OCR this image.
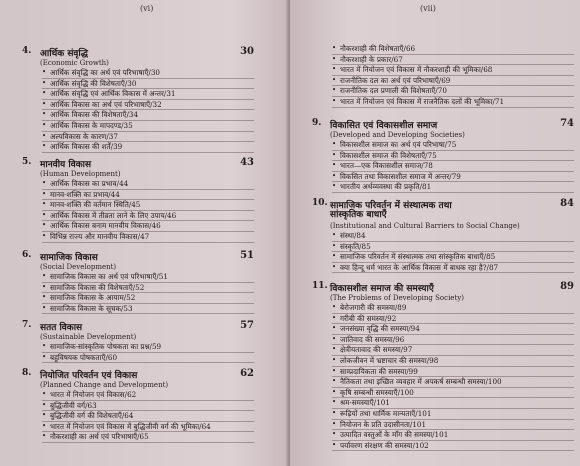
(vi)
4. आर्थिक संवृद्धि	30
(Economic Growth)
• आर्थिक संवृद्धि का अर्थ एवं परिभाषाएँ/30
• आर्थिक संवृद्धि की विशेषताएँ/30
• आर्थिक संवृद्धि एवं आर्थिक विकास में अन्तर/31
• आर्थिक विकास का अर्थ एवं परिभाषाएँ/32
• आर्थिक विकास की विशेषताएँ/34
• आर्थिक विकास के मापदण्ड/35
• अल्पविकास के कारण/37
• आर्थिक विकास की शर्तें/39
5. मानवीय विकास	43
(Human Development)
• आर्थिक विकास का प्रभाव/44
• मानव-शक्ति का प्रभाव/44
• मानव-शक्ति की वर्तमान स्थिति/45
• आर्थिक विकास में तीव्रता लाने के लिए उपाय/46
• आर्थिक विकास बनाम मानवीय विकास/46
• विभिन्न राज्य और मानवीय विकास/47
6. सामाजिक विकास	51
(Social Development)
• सामाजिक विकास का अर्थ एवं परिभाषाएँ/51
• सामाजिक विकास की विशेषताएँ/52
• सामाजिक विकास के आयाम/52
• सामाजिक विकास के सूचक/53
7. सतत विकास	57
(Sustainable Development)
• सामाजिक-सांस्कृतिक पोषकता का प्रश्न/59
• बहुविषयक पोषकताएँ/60
8. नियोजित परिवर्तन एवं विकास	62
(Planned Change and Development)
• भारत में नियोजन एवं विकास/62
• बुद्धिजीवी वर्ग/63
• बुद्धिजीवी वर्ग की विशेषताएँ/64
• भारत में नियोजन एवं विकास में बुद्धिजीवी वर्ग की भूमिका/64
• नौकरशाही का अर्थ एवं परिभाषाएँ/65
(vii)
• नौकरशाही की विशेषताएँ/66
• नौकरशाही के प्रकार/67
• भारत में नियोजन एवं विकास में नौकरशाही की भूमिका/68
• राजनीतिक दल का अर्थ एवं परिभाषाएँ/69
• राजनीतिक दल प्रणाली की विशेषताएँ/70
• भारत में नियोजन एवं विकास में राजनैतिक दलों की भूमिका/71
9. विकासित एवं विकासशील समाज	74
(Developed and Developing Societies)
• विकासशील समाज का अर्थ एवं परिभाषा/75
• विकासशील समाज की विशेषताएँ/75
• भारत—एक विकासशील समाज/78
• विकसित तथा विकासशील समाज में अन्तर/79
• भारतीय अर्थव्यवस्था की प्रकृति/81
10. सामाजिक परिवर्तन में संस्थात्मक तथा	84
सांस्कृतिक बाधाएँ
(Institutional and Cultural Barriers to Social Change)
• संस्था/84
• संस्कृति/85
• सामाजिक परिवर्तन में संस्थात्मक तथा सांस्कृतिक बाधाएँ/85
• क्या हिन्दू धर्म भारत के आर्थिक विकास में बाधक रहा है?/87
11. विकासशील समाज की समस्याएँ	89
(The Problems of Developing Society)
• बेरोजगारी की समस्या/89
• गरीबी की समस्या/92
• जनसंख्या वृद्धि की समस्या/94
• जातिवाद की समस्या/96
• क्षेत्रीयतावाद की समस्या/97
• लोकजीवन में भ्रष्टाचार की समस्या/98
• साम्प्रदायिकता की समस्या/99
• नैतिकता तथा इच्छित व्यवहार में अपकर्ष सम्बन्धी समस्या/100
• कृषि सम्बन्धी समस्याएँ/100
• श्रम-समस्याएँ/101
• रूढ़ियों तथा धार्मिक मान्यताएँ/101
• नियोजन के प्रति उदासीनता/101
• उत्पादित वस्तुओं के माँग की समस्या/101
• पर्यावरण संरक्षण की समस्या/102
